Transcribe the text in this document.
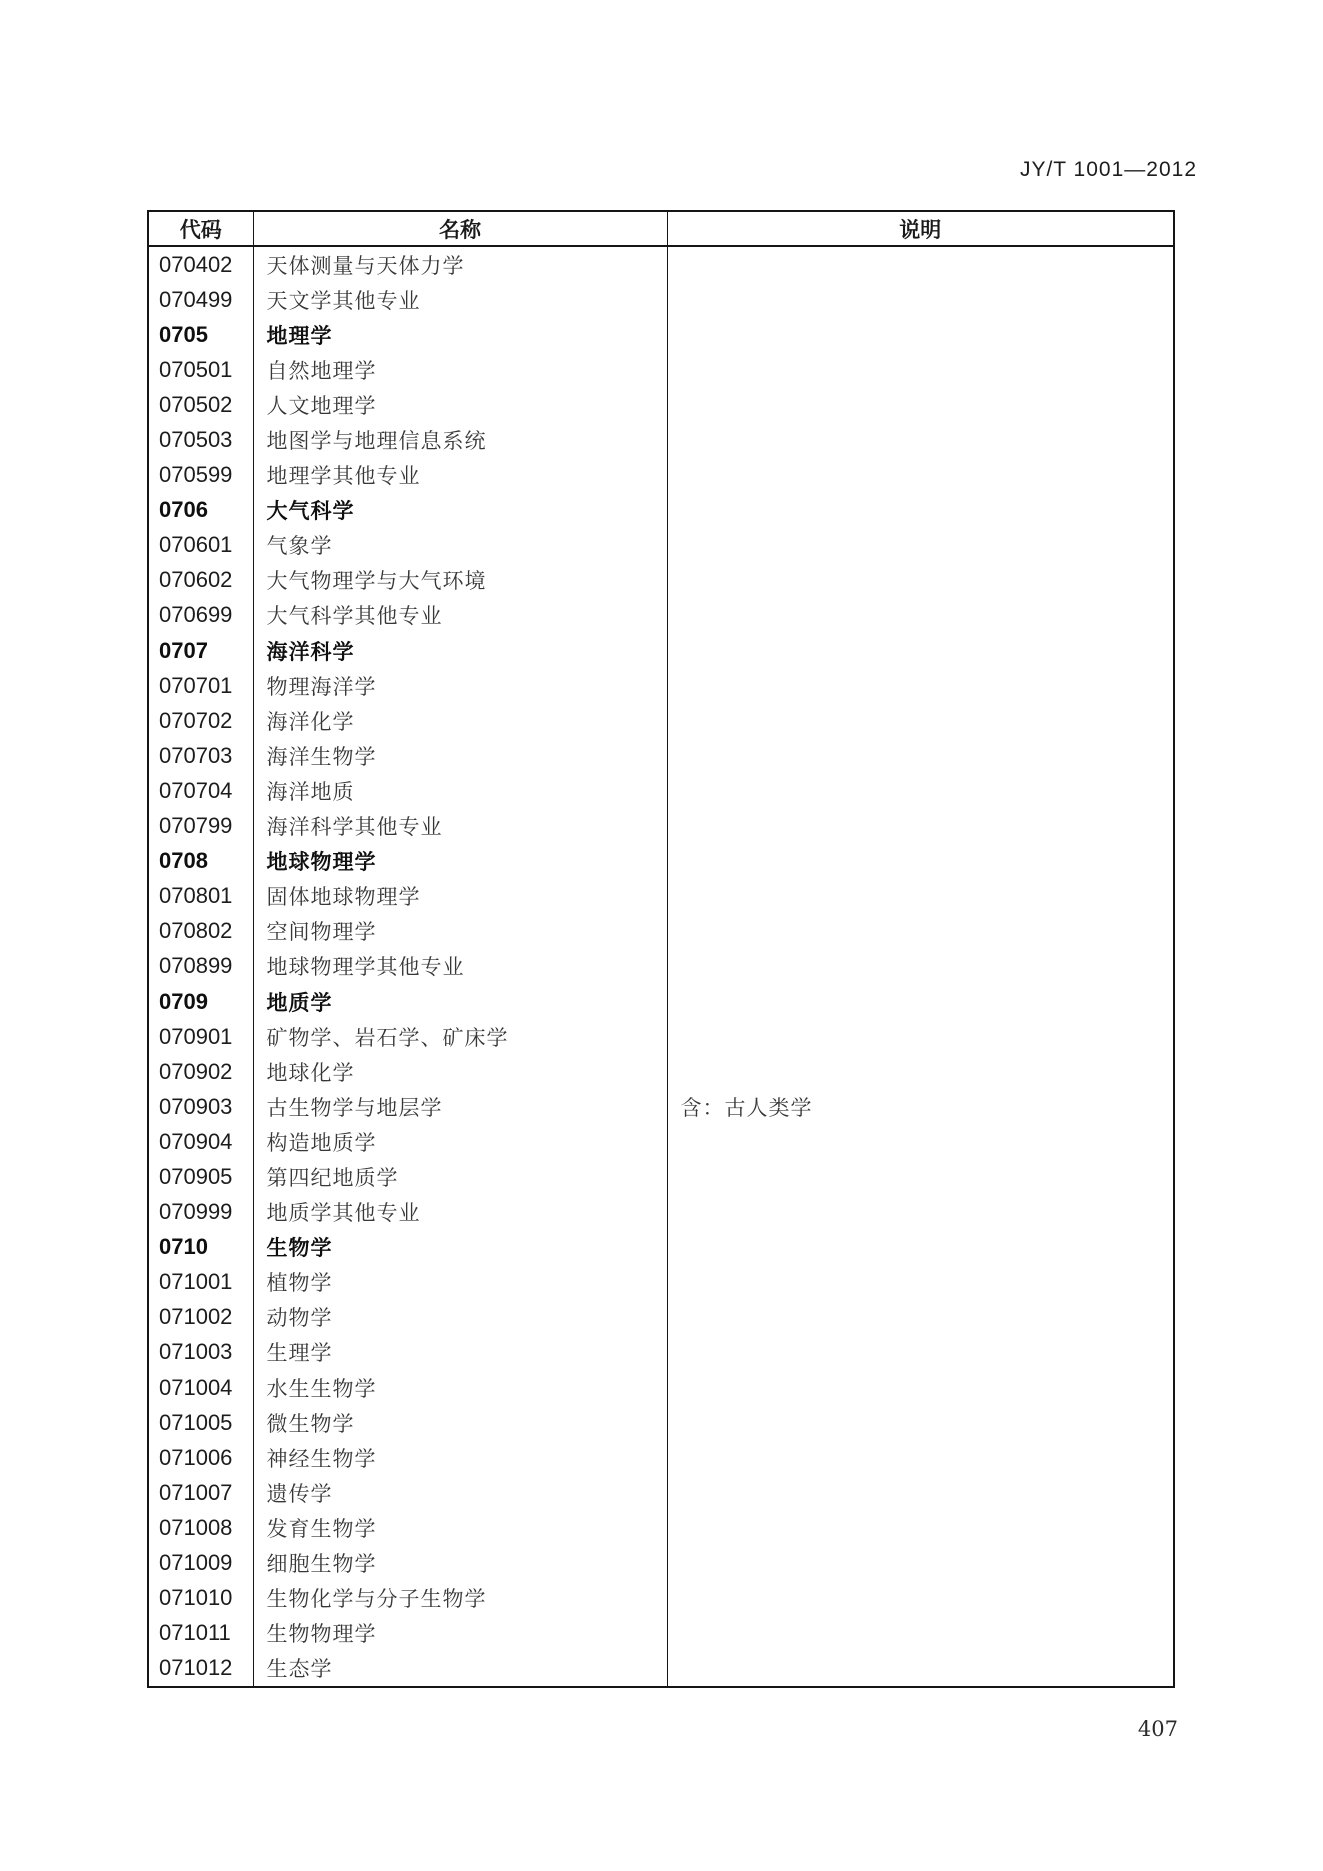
JY/T 1001—2012
代码	名称	说明
070402	天体测量与天体力学	
070499	天文学其他专业	
0705	地理学	
070501	自然地理学	
070502	人文地理学	
070503	地图学与地理信息系统	
070599	地理学其他专业	
0706	大气科学	
070601	气象学	
070602	大气物理学与大气环境	
070699	大气科学其他专业	
0707	海洋科学	
070701	物理海洋学	
070702	海洋化学	
070703	海洋生物学	
070704	海洋地质	
070799	海洋科学其他专业	
0708	地球物理学	
070801	固体地球物理学	
070802	空间物理学	
070899	地球物理学其他专业	
0709	地质学	
070901	矿物学、岩石学、矿床学	
070902	地球化学	
070903	古生物学与地层学	含：古人类学
070904	构造地质学	
070905	第四纪地质学	
070999	地质学其他专业	
0710	生物学	
071001	植物学	
071002	动物学	
071003	生理学	
071004	水生生物学	
071005	微生物学	
071006	神经生物学	
071007	遗传学	
071008	发育生物学	
071009	细胞生物学	
071010	生物化学与分子生物学	
071011	生物物理学	
071012	生态学	
407
